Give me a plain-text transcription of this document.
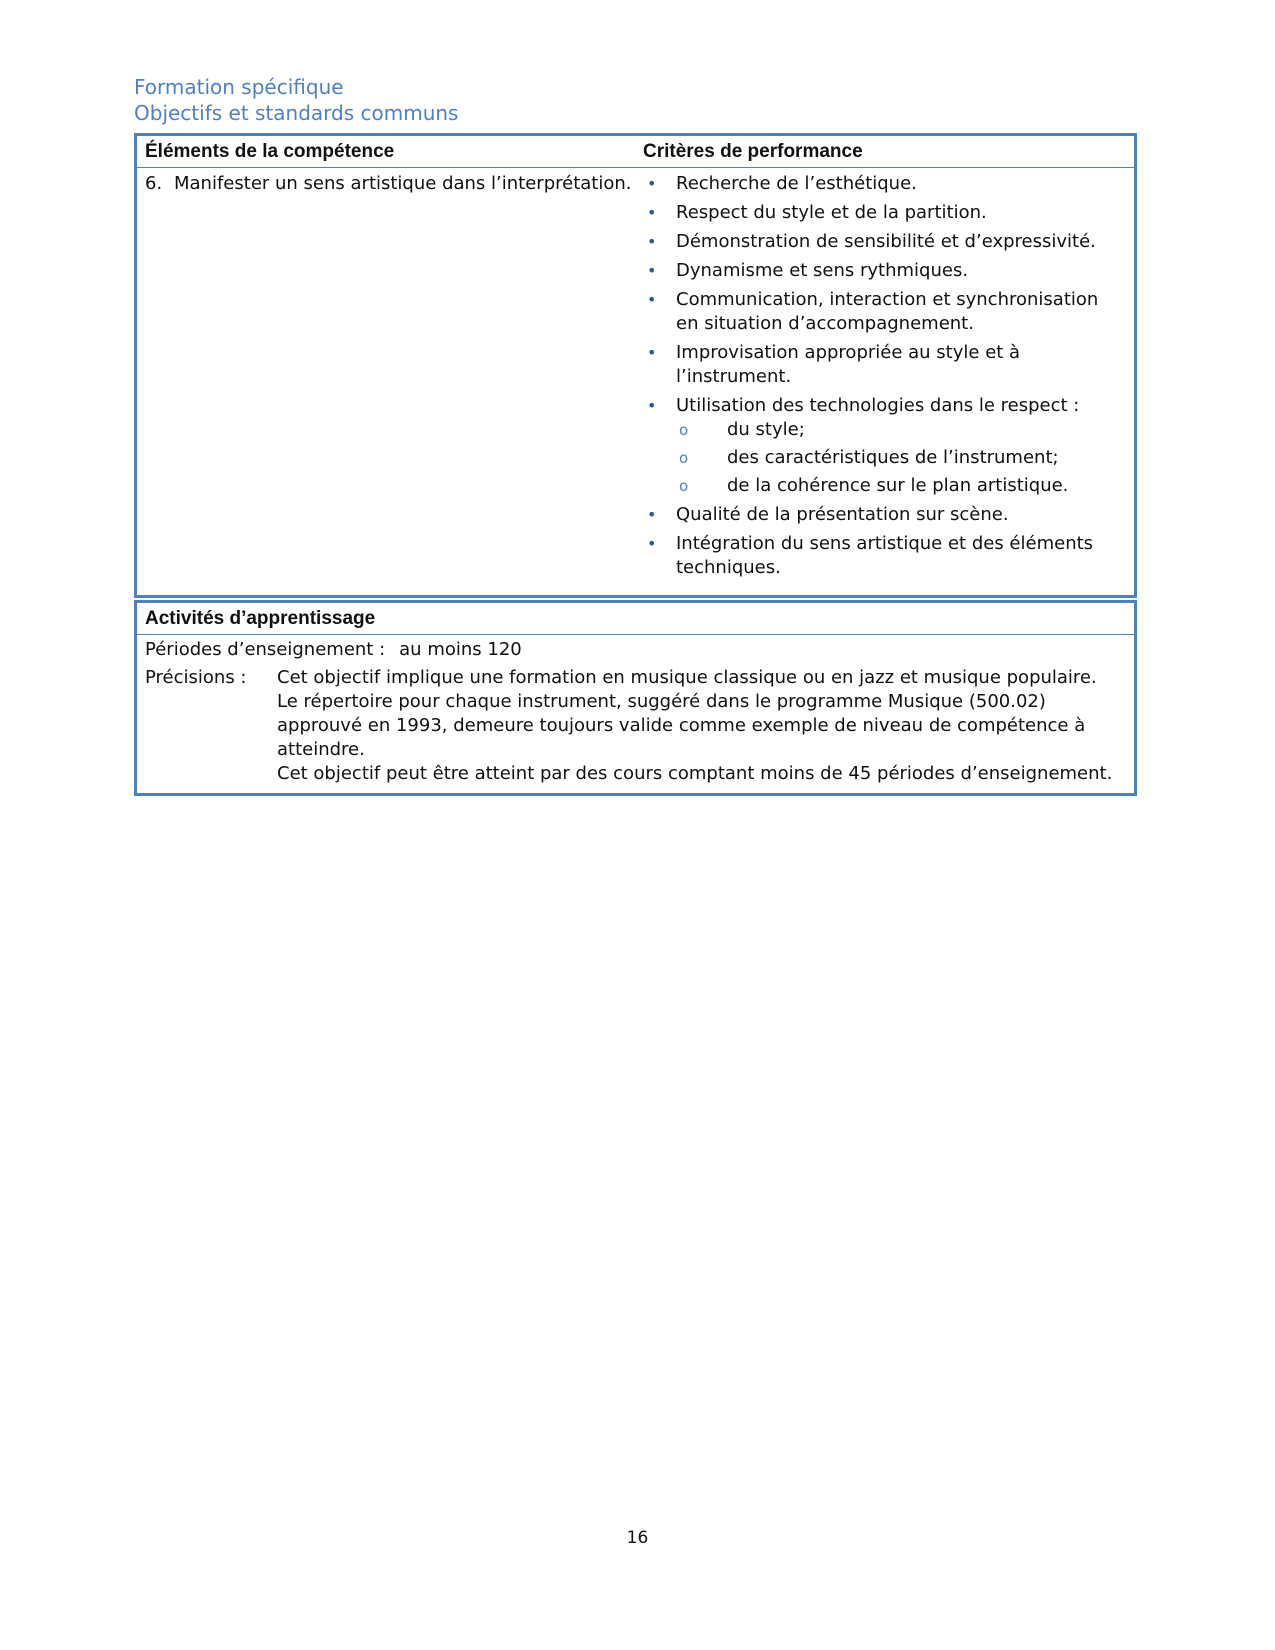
Formation spécifique
Objectifs et standards communs
Éléments de la compétence	Critères de performance
6. Manifester un sens artistique dans l’interprétation. •	Recherche de l’esthétique.
•	Respect du style et de la partition.
•	Démonstration de sensibilité et d’expressivité.
•	Dynamisme et sens rythmiques.
•	Communication, interaction et synchronisation en situation d’accompagnement.
•	Improvisation appropriée au style et à l’instrument.
•	Utilisation des technologies dans le respect :
o	du style;
o	des caractéristiques de l’instrument;
o	de la cohérence sur le plan artistique.
•	Qualité de la présentation sur scène.
•	Intégration du sens artistique et des éléments techniques.
Activités d’apprentissage
Périodes d’enseignement : au moins 120
Précisions :	Cet objectif implique une formation en musique classique ou en jazz et musique populaire.
Le répertoire pour chaque instrument, suggéré dans le programme Musique (500.02)
approuvé en 1993, demeure toujours valide comme exemple de niveau de compétence à
atteindre.
Cet objectif peut être atteint par des cours comptant moins de 45 périodes d’enseignement.
16
